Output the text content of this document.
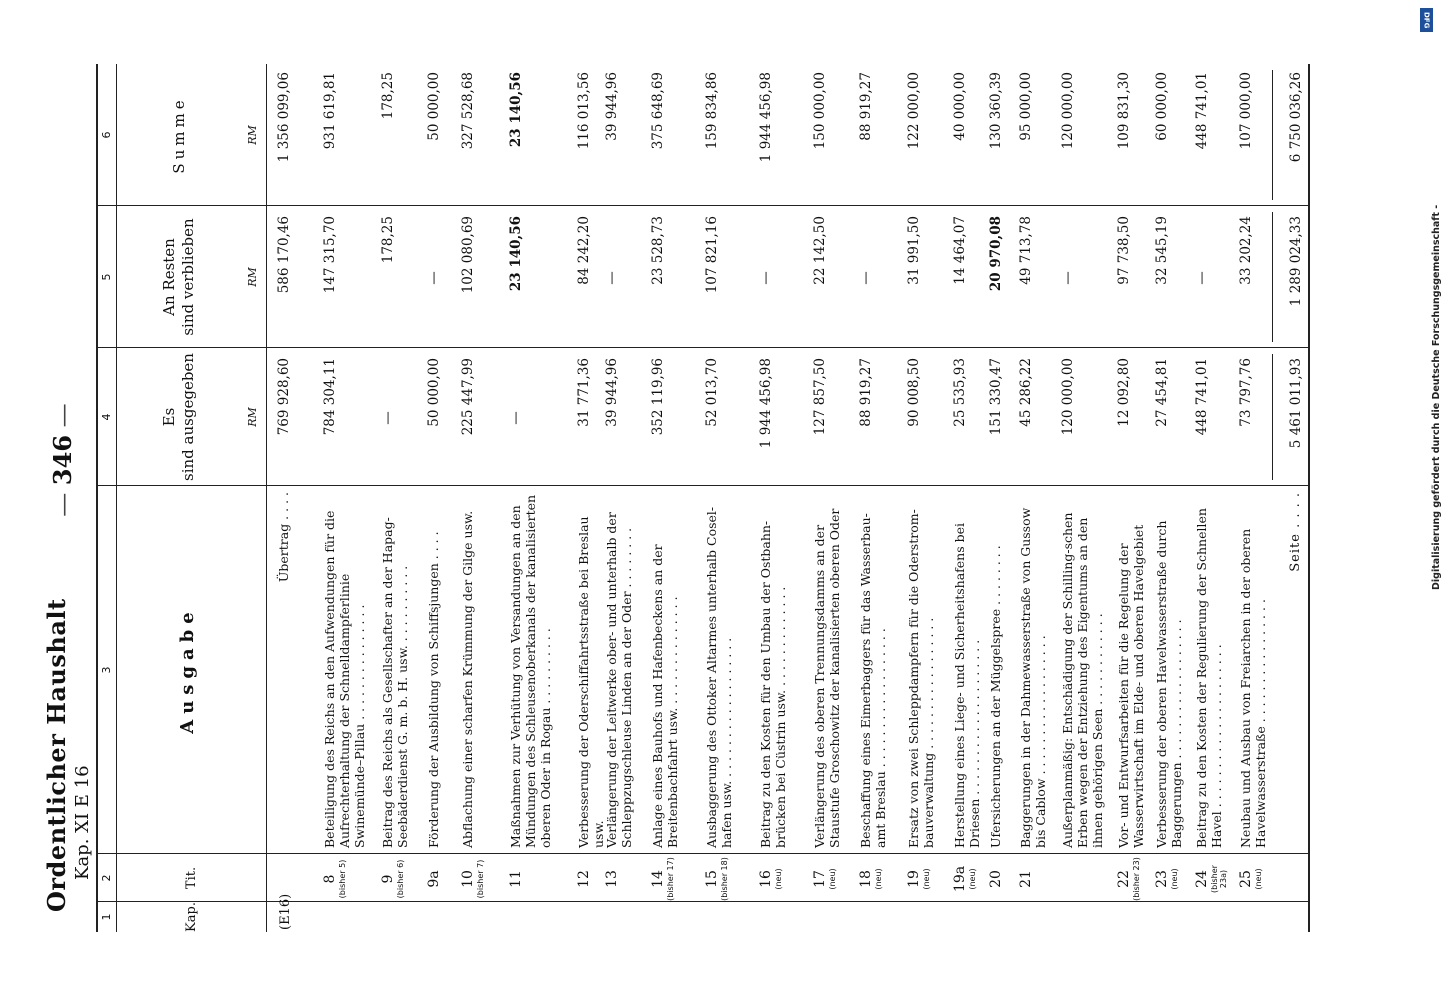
Ordentlicher Haushalt Kap. XI E 16
— 346 —
1
2
3
4
5
6
Kap.
Tit.
Ausgabe
Es sind ausgegeben
An Resten sind verblieben
Summe
RM
RM
RM
(E16)
Übertrag . . . .
769 928,60
586 170,46
1 356 099,06
8 (bisher 5)
Beteiligung des Reichs an den Aufwendungen für die Aufrechterhaltung der Schnelldampferlinie Swinemünde–Pillau . . . . . . . . . . . . . . .
784 304,11
147 315,70
931 619,81
9 (bisher 6)
Beitrag des Reichs als Gesellschafter an der Hapag-Seebäderdienst G. m. b. H. usw. . . . . . . . . . .
—
178,25
178,25
9a
Förderung der Ausbildung von Schiffsjungen . . . .
50 000,00
—
50 000,00
10 (bisher 7)
Abflachung einer scharfen Krümmung der Gilge usw.
225 447,99
102 080,69
327 528,68
11
Maßnahmen zur Verhütung von Versandungen an den Mündungen des Schleusenoberkanals der kanalisierten oberen Oder in Rogau . . . . . . . . . .
—
23 140,56
23 140,56
12
Verbesserung der Oderschiffahrtsstraße bei Breslau usw.
31 771,36
84 242,20
116 013,56
13
Verlängerung der Leitwerke ober- und unterhalb der Schleppzugschleuse Linden an der Oder . . . . . . . .
39 944,96
—
39 944,96
14 (bisher 17)
Anlage eines Bauhofs und Hafenbeckens an der Breitenbachfahrt usw. . . . . . . . . . . . . . .
352 119,96
23 528,73
375 648,69
15 (bisher 18)
Ausbaggerung des Ottoker Altarmes unterhalb Cosel-hafen usw. . . . . . . . . . . . . . . . . . .
52 013,70
107 821,16
159 834,86
16 (neu)
Beitrag zu den Kosten für den Umbau der Ostbahn-brücken bei Cüstrin usw. . . . . . . . . . . . . .
1 944 456,98
—
1 944 456,98
17 (neu)
Verlängerung des oberen Trennungsdamms an der Staustufe Groschowitz der kanalisierten oberen Oder
127 857,50
22 142,50
150 000,00
18 (neu)
Beschaffung eines Eimerbaggers für das Wasserbau-amt Breslau . . . . . . . . . . . . . . . . . .
88 919,27
—
88 919,27
19 (neu)
Ersatz von zwei Schleppdampfern für die Oderstrom-bauverwaltung . . . . . . . . . . . . . . . . .
90 008,50
31 991,50
122 000,00
19a (neu)
Herstellung eines Liege- und Sicherheitshafens bei Driesen . . . . . . . . . . . . . . . . . . . .
25 535,93
14 464,07
40 000,00
20
Ufersicherungen an der Müggelspree . . . . . . . .
151 330,47
20 970,08
130 360,39
21
Baggerungen in der Dahmewasserstraße von Gussow bis Cablow . . . . . . . . . . . . . . . . . .
45 286,22
49 713,78
95 000,00
Außerplanmäßig: Entschädigung der Schilling-schen Erben wegen der Entziehung des Eigentums an den ihnen gehörigen Seen . . . . . . . . . . . .
120 000,00
—
120 000,00
22 (bisher 23)
Vor- und Entwurfsarbeiten für die Regelung der Wasserwirtschaft im Elde- und oberen Havelgebiet
12 092,80
97 738,50
109 831,30
23 (neu)
Verbesserung der oberen Havelwasserstraße durch Baggerungen . . . . . . . . . . . . . . . . . .
27 454,81
32 545,19
60 000,00
24 (bisher 23a)
Beitrag zu den Kosten der Regulierung der Schnellen Havel . . . . . . . . . . . . . . . . . . . . .
448 741,01
—
448 741,01
25 (neu)
Neubau und Ausbau von Freiarchen in der oberen Havelwasserstraße . . . . . . . . . . . . . . . .
73 797,76
33 202,24
107 000,00
Seite . . . .
5 461 011,93
1 289 024,33
6 750 036,26
Digitalisierung gefördert durch die Deutsche Forschungsgemeinschaft -
DFG
